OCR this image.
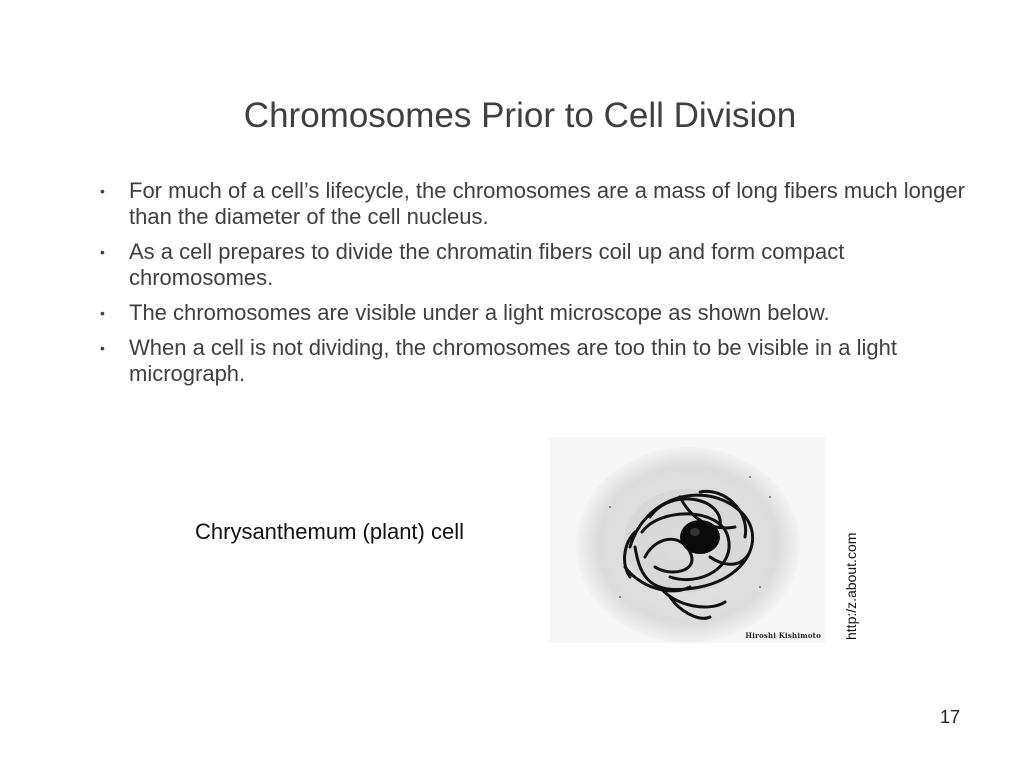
Chromosomes Prior to Cell Division
• For much of a cell’s lifecycle, the chromosomes are a mass of long fibers much longer than the diameter of the cell nucleus.
• As a cell prepares to divide the chromatin fibers coil up and form compact chromosomes.
• The chromosomes are visible under a light microscope as shown below.
• When a cell is not dividing, the chromosomes are too thin to be visible in a light micrograph.
Chrysanthemum (plant) cell
Hiroshi Kishimoto http:/z.about.com
17
